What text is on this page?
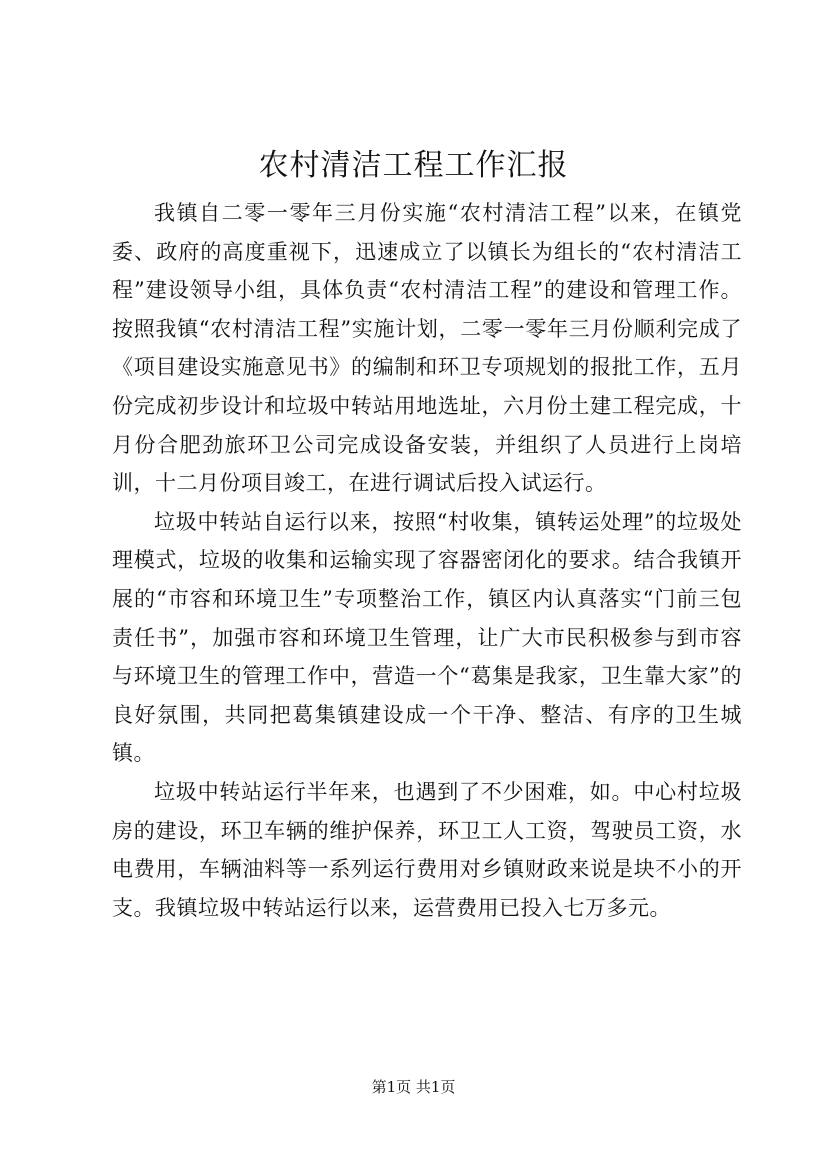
农村清洁工程工作汇报

我镇自二零一零年三月份实施“农村清洁工程”以来，在镇党委、政府的高度重视下，迅速成立了以镇长为组长的“农村清洁工程”建设领导小组，具体负责“农村清洁工程”的建设和管理工作。按照我镇“农村清洁工程”实施计划，二零一零年三月份顺利完成了《项目建设实施意见书》的编制和环卫专项规划的报批工作，五月份完成初步设计和垃圾中转站用地选址，六月份土建工程完成，十月份合肥劲旅环卫公司完成设备安装，并组织了人员进行上岗培训，十二月份项目竣工，在进行调试后投入试运行。

垃圾中转站自运行以来，按照“村收集，镇转运处理”的垃圾处理模式，垃圾的收集和运输实现了容器密闭化的要求。结合我镇开展的“市容和环境卫生”专项整治工作，镇区内认真落实“门前三包责任书”，加强市容和环境卫生管理，让广大市民积极参与到市容与环境卫生的管理工作中，营造一个“葛集是我家，卫生靠大家”的良好氛围，共同把葛集镇建设成一个干净、整洁、有序的卫生城镇。

垃圾中转站运行半年来，也遇到了不少困难，如。中心村垃圾房的建设，环卫车辆的维护保养，环卫工人工资，驾驶员工资，水电费用，车辆油料等一系列运行费用对乡镇财政来说是块不小的开支。我镇垃圾中转站运行以来，运营费用已投入七万多元。

第1页 共1页
